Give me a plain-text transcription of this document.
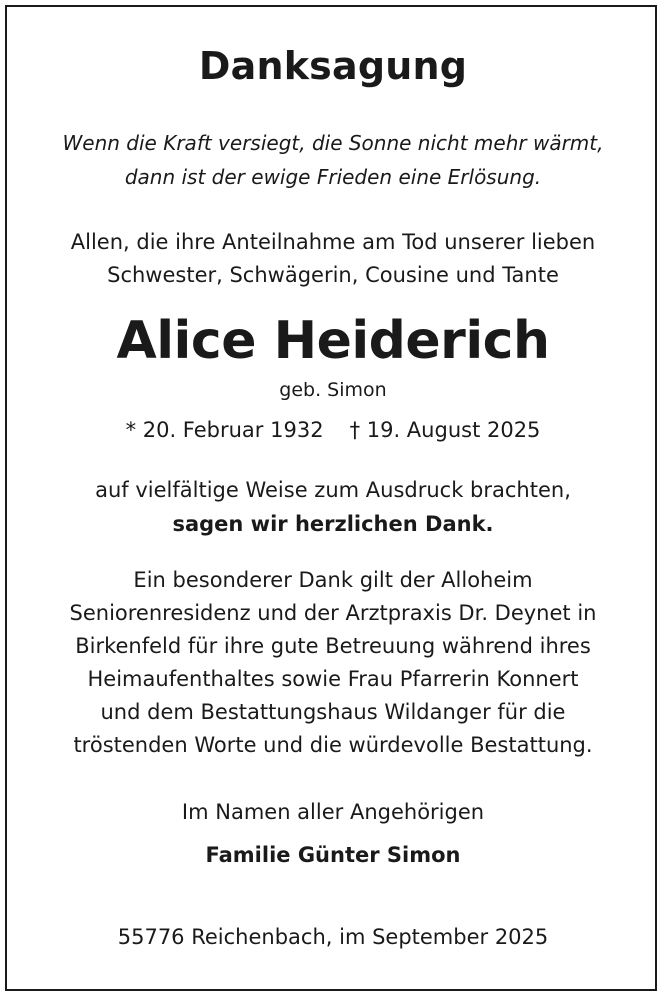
Danksagung
Wenn die Kraft versiegt, die Sonne nicht mehr wärmt,
dann ist der ewige Frieden eine Erlösung.
Allen, die ihre Anteilnahme am Tod unserer lieben
Schwester, Schwägerin, Cousine und Tante
Alice Heiderich
geb. Simon
* 20. Februar 1932 † 19. August 2025
auf vielfältige Weise zum Ausdruck brachten,
sagen wir herzlichen Dank.
Ein besonderer Dank gilt der Alloheim
Seniorenresidenz und der Arztpraxis Dr. Deynet in
Birkenfeld für ihre gute Betreuung während ihres
Heimaufenthaltes sowie Frau Pfarrerin Konnert
und dem Bestattungshaus Wildanger für die
tröstenden Worte und die würdevolle Bestattung.
Im Namen aller Angehörigen
Familie Günter Simon
55776 Reichenbach, im September 2025
